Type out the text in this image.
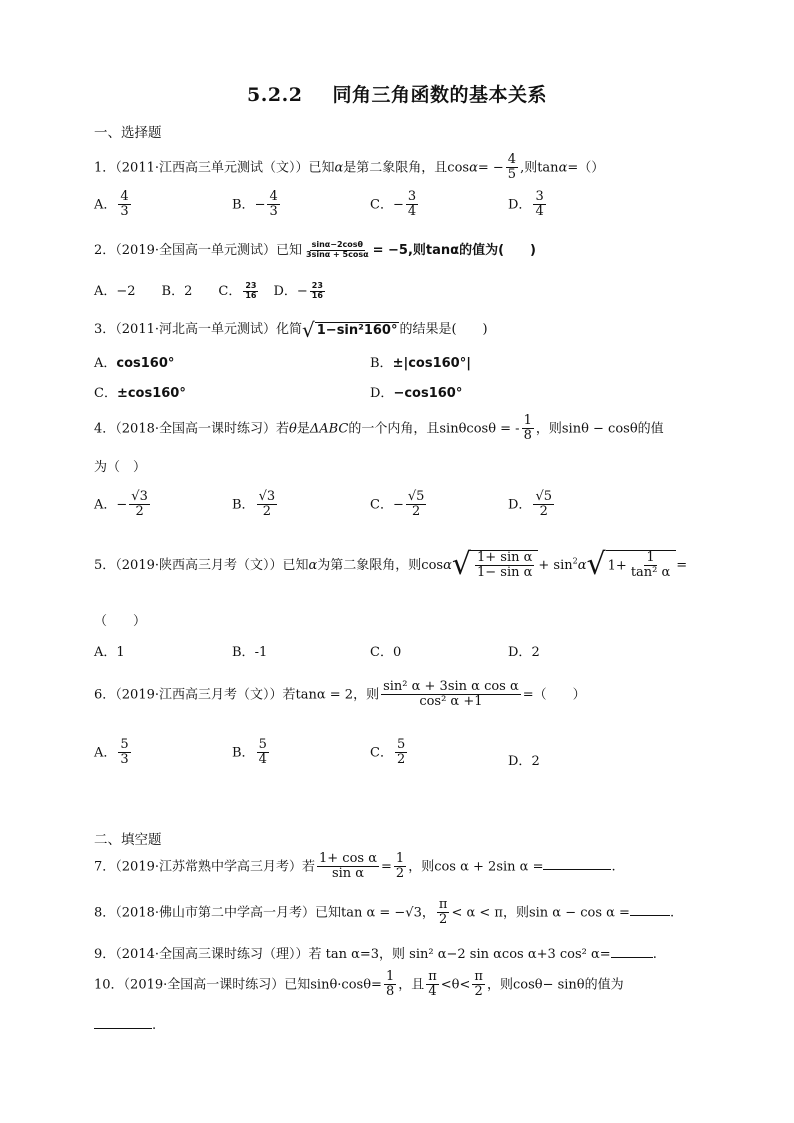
5.2.2 同角三角函数的基本关系
一、选择题
1．（2011·江西高三单元测试（文））已知α是第二象限角，且$\cos\alpha= - \frac{4}{5}$ ,则tanα=（）
A． $\frac{4}{3}$	B．− $\frac{4}{3}$	C．− $\frac{3}{4}$	D． $\frac{3}{4}$
2．（2019·全国高一单元测试）已知 $\frac{\sin\alpha-2\cos\theta}{3\sin\alpha + 5\cos\alpha} = -5$,则tanα的值为(　　)
A．−2　　B．2　　C． $\frac{23}{16}$ 　D．− $\frac{23}{16}$
3．（2011·河北高一单元测试）化简 √ 1−sin²160° 的结果是(　　)
A．cos160°	B．±|cos160°|
C．±cos160°	D．−cos160°
4．（2018·全国高一课时练习）若θ是ΔABC的一个内角，且sinθcosθ = - $\frac{1}{8}$ ，则sinθ − cosθ的值
为（　）
A．− $\frac{√3}{2}$	B． $\frac{√3}{2}$	C．− $\frac{√5}{2}$	D． $\frac{√5}{2}$
5．（2019·陕西高三月考（文））已知α为第二象限角，则cosα √ $\frac{\text{1+ sin α}}{\text{1− sin α}} + \sin^2\alpha$ √ $1+ \frac{1}{\text{tan² α}}$ =
（　　）
A．1	B．-1	C．0	D．2
6．（2019·江西高三月考（文））若tanα = 2，则 $\frac{\text{sin² α + 3sin α cos α}}{\text{cos² α +1}}$ =（　　）
A． $\frac{5}{3}$	B． $\frac{5}{4}$	C． $\frac{5}{2}$	D．2
二、填空题
7．（2019·江苏常熟中学高三月考）若 $\frac{\text{1+ cos α}}{\text{sin α}} = \frac{1}{2}$ ，则cos α + 2sin α =	.
8．（2018·佛山市第二中学高一月考）已知tan α = −√3， $\frac{\pi}{2} < \alpha < \pi$，则sin α − cos α =	.
9．（2014·全国高三课时练习（理））若 tan α=3，则 sin² α−2 sin αcos α+3 cos² α=	.
10．（2019·全国高一课时练习）已知$\sin\theta\cdot\cos\theta= \frac{1}{8}$ ，且 $\frac{\pi}{4} <\theta< \frac{\pi}{2}$ ，则cosθ− sinθ的值为
.
